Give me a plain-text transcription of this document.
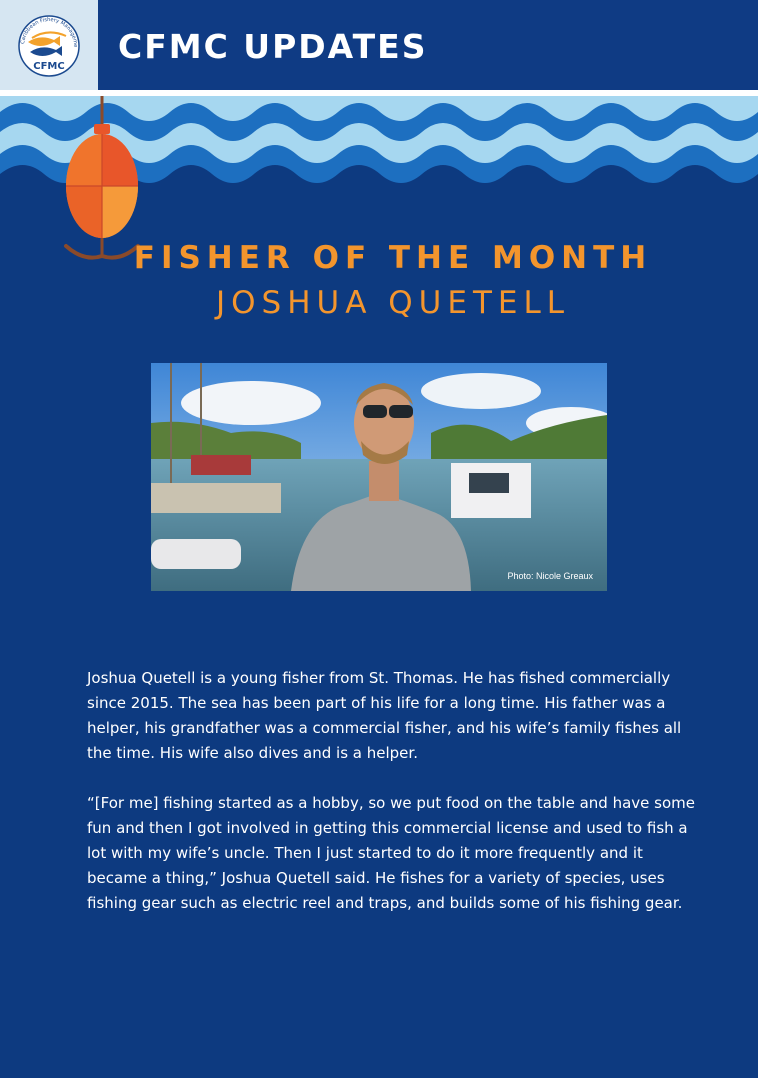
CFMC
Caribbean Fishery Manageme CFMC UPDATES
FISHER OF THE MONTH
JOSHUA QUETELL
Photo: Nicole Greaux

Joshua Quetell is a young fisher from St. Thomas. He has fished commercially since 2015. The sea has been part of his life for a long time. His father was a helper, his grandfather was a commercial fisher, and his wife’s family fishes all the time. His wife also dives and is a helper.

“[For me] fishing started as a hobby, so we put food on the table and have some fun and then I got involved in getting this commercial license and used to fish a lot with my wife’s uncle. Then I just started to do it more frequently and it became a thing,” Joshua Quetell said. He fishes for a variety of species, uses fishing gear such as electric reel and traps, and builds some of his fishing gear.
